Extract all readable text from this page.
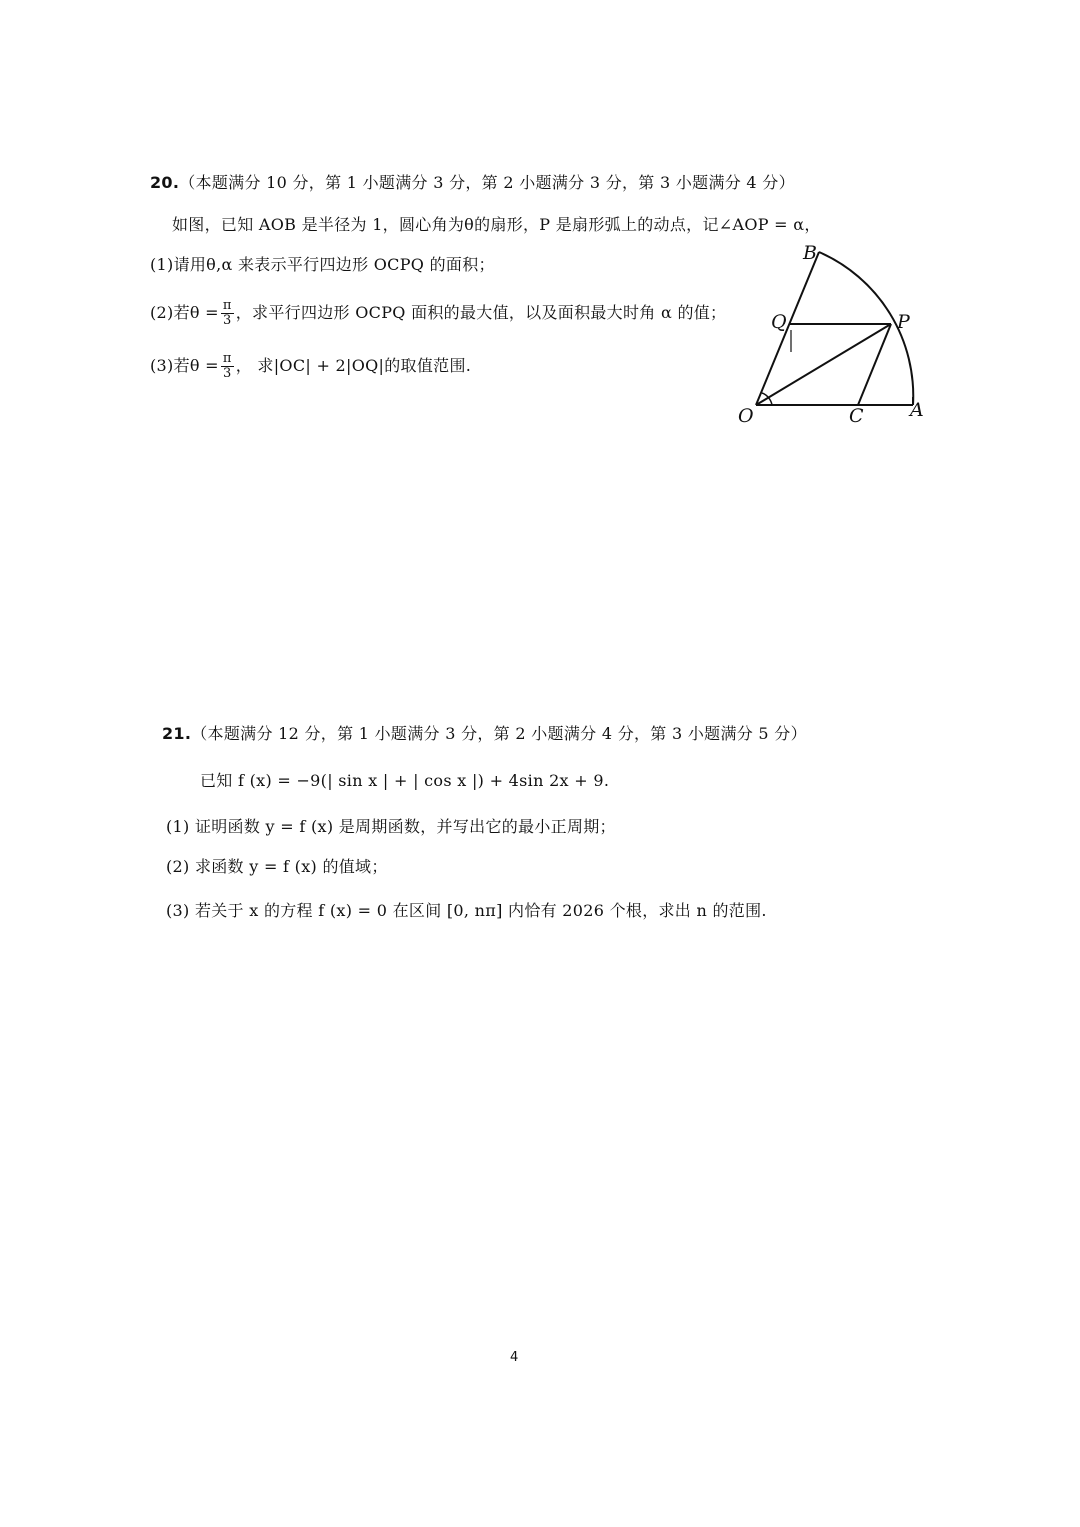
20.（本题满分 10 分，第 1 小题满分 3 分，第 2 小题满分 3 分，第 3 小题满分 4 分）
如图，已知 AOB 是半径为 1，圆心角为θ的扇形，P 是扇形弧上的动点，记∠AOP = α，
(1)请用θ,α 来表示平行四边形 OCPQ 的面积；
(2)若$\theta = \frac{\pi}{3}$ ，求平行四边形 OCPQ 面积的最大值，以及面积最大时角 α 的值；
(3)若$\theta = \frac{\pi}{3}$ ， 求|OC| + 2|OQ|的取值范围.
B
Q	P
O	C A
21.（本题满分 12 分，第 1 小题满分 3 分，第 2 小题满分 4 分，第 3 小题满分 5 分）
已知 f (x) = −9(| sin x | + | cos x |) + 4sin 2x + 9.
(1) 证明函数 y = f (x) 是周期函数，并写出它的最小正周期；
(2) 求函数 y = f (x) 的值域；
(3) 若关于 x 的方程 f (x) = 0 在区间 [0, nπ] 内恰有 2026 个根，求出 n 的范围.
4
